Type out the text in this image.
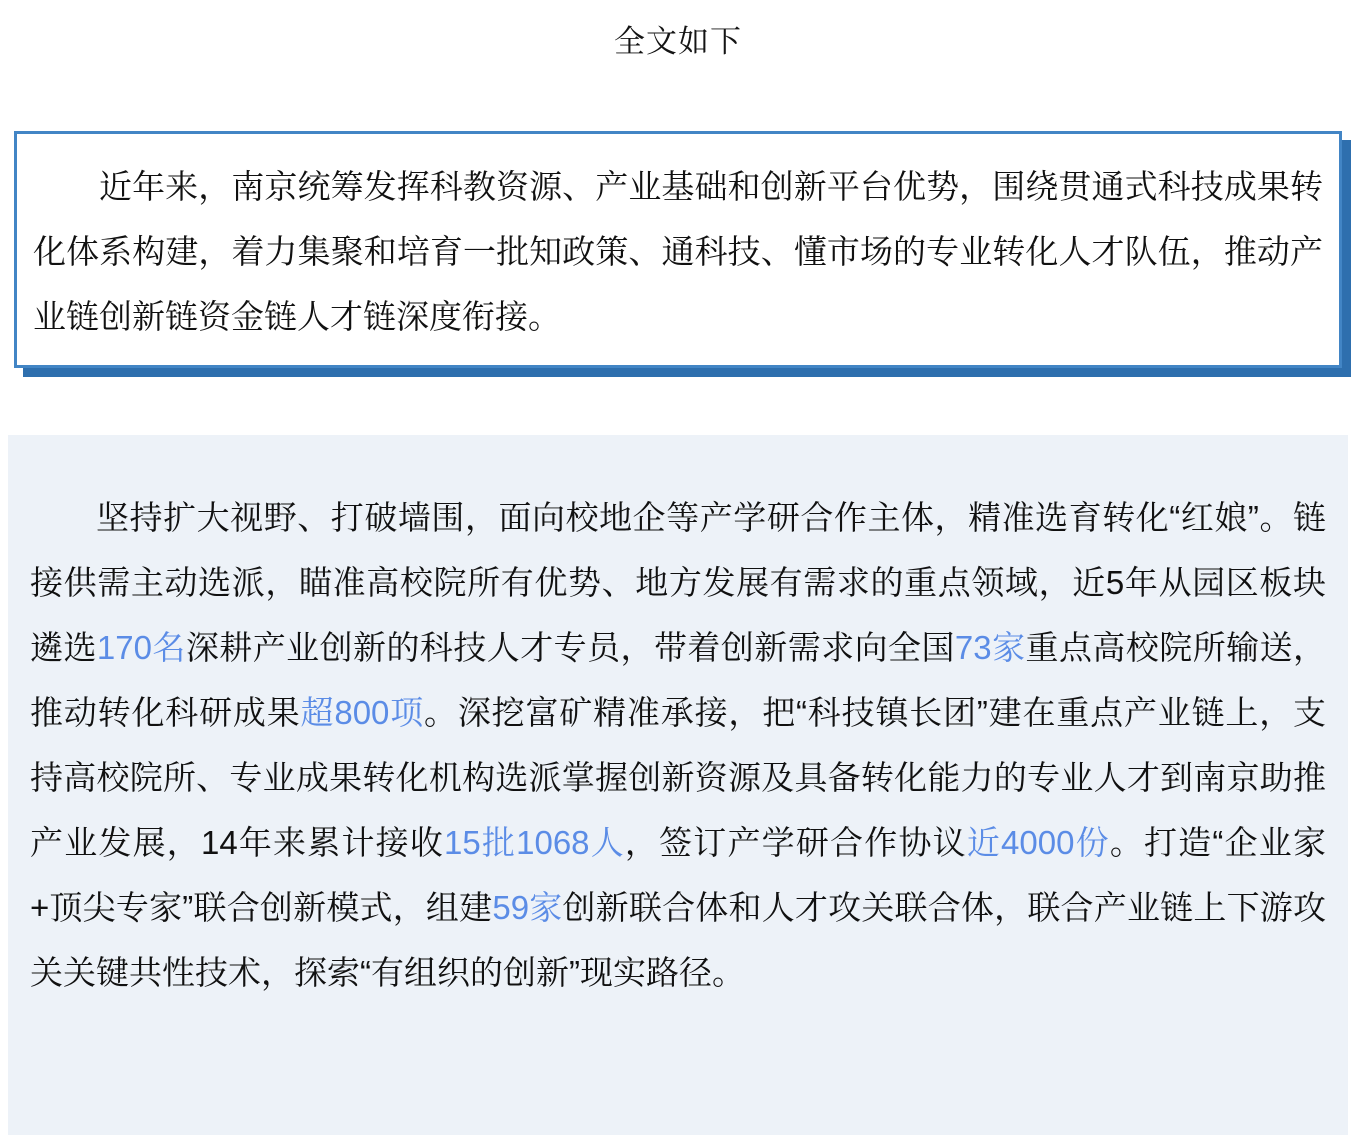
全文如下

近年来，南京统筹发挥科教资源、产业基础和创新平台优势，围绕贯通式科技成果转化体系构建，着力集聚和培育一批知政策、通科技、懂市场的专业转化人才队伍，推动产业链创新链资金链人才链深度衔接。

坚持扩大视野、打破墙围，面向校地企等产学研合作主体，精准选育转化“红娘”。链接供需主动选派，瞄准高校院所有优势、地方发展有需求的重点领域，近5年从园区板块遴选170名深耕产业创新的科技人才专员，带着创新需求向全国73家重点高校院所输送，推动转化科研成果超800项。深挖富矿精准承接，把“科技镇长团”建在重点产业链上，支持高校院所、专业成果转化机构选派掌握创新资源及具备转化能力的专业人才到南京助推产业发展，14年来累计接收15批1068人，签订产学研合作协议近4000份。打造“企业家+顶尖专家”联合创新模式，组建59家创新联合体和人才攻关联合体，联合产业链上下游攻关关键共性技术，探索“有组织的创新”现实路径。
